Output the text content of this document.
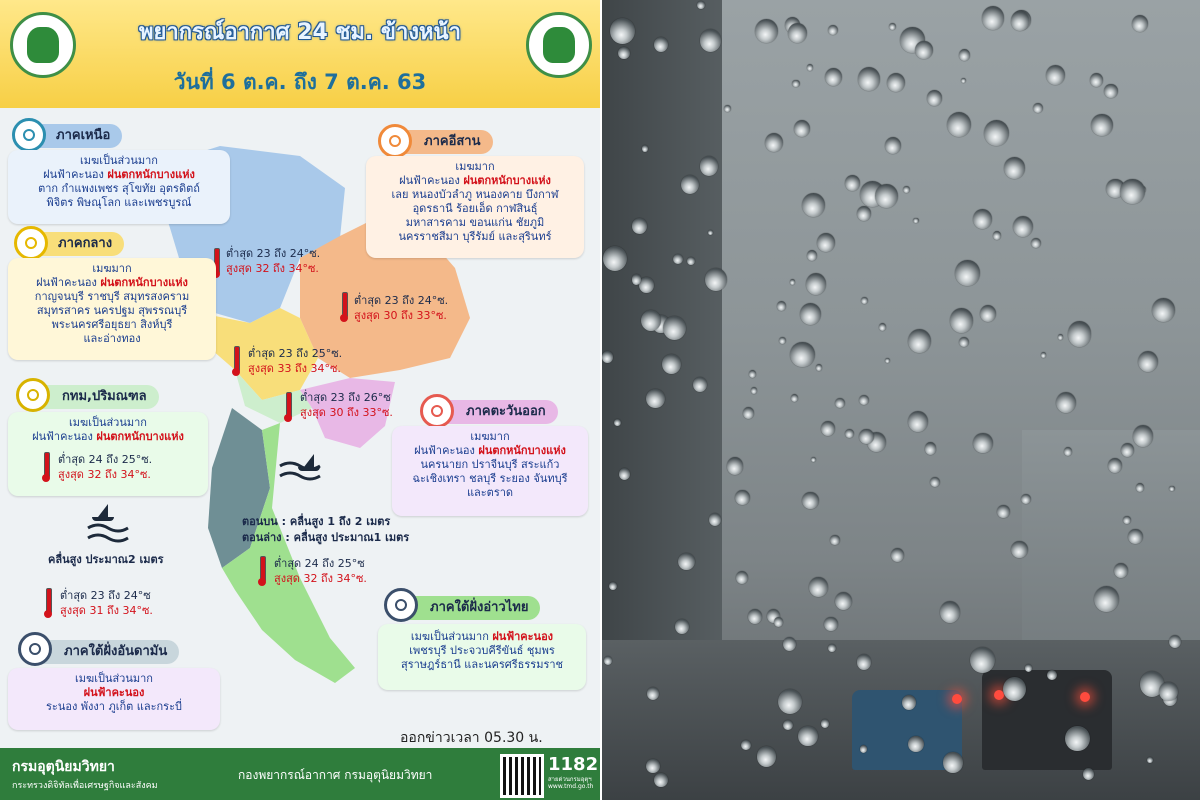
พยากรณ์อากาศ 24 ชม. ข้างหน้า
วันที่ 6 ต.ค. ถึง 7 ต.ค. 63
ภาคเหนือ
เมฆเป็นส่วนมาก
ฝนฟ้าคะนอง ฝนตกหนักบางแห่ง
ตาก กำแพงเพชร สุโขทัย อุตรดิตถ์
พิจิตร พิษณุโลก และเพชรบูรณ์
ต่ำสุด 23 ถึง 24°ซ.
สูงสุด 32 ถึง 34°ซ.
ภาคอีสาน
เมฆมาก
ฝนฟ้าคะนอง ฝนตกหนักบางแห่ง
เลย หนองบัวลำภู หนองคาย บึงกาฬ
อุดรธานี ร้อยเอ็ด กาฬสินธุ์
มหาสารคาม ขอนแก่น ชัยภูมิ
นครราชสีมา บุรีรัมย์ และสุรินทร์
ต่ำสุด 23 ถึง 24°ซ.
สูงสุด 30 ถึง 33°ซ.
ภาคกลาง
เมฆมาก
ฝนฟ้าคะนอง ฝนตกหนักบางแห่ง
กาญจนบุรี ราชบุรี สมุทรสงคราม
สมุทรสาคร นครปฐม สุพรรณบุรี
พระนครศรีอยุธยา สิงห์บุรี
และอ่างทอง
ต่ำสุด 23 ถึง 25°ซ.
สูงสุด 33 ถึง 34°ซ.
กทม,ปริมณฑล
เมฆเป็นส่วนมาก
ฝนฟ้าคะนอง ฝนตกหนักบางแห่ง
ต่ำสุด 24 ถึง 25°ซ.
สูงสุด 32 ถึง 34°ซ.
ต่ำสุด 23 ถึง 26°ซ
สูงสุด 30 ถึง 33°ซ.	ภาคตะวันออก
เมฆมาก
ฝนฟ้าคะนอง ฝนตกหนักบางแห่ง
นครนายก ปราจีนบุรี สระแก้ว
ฉะเชิงเทรา ชลบุรี ระยอง จันทบุรี
และตราด
ตอนบน : คลื่นสูง 1 ถึง 2 เมตร
ตอนล่าง : คลื่นสูง ประมาณ1 เมตร
คลื่นสูง ประมาณ2 เมตร	ต่ำสุด 24 ถึง 25°ซ
สูงสุด 32 ถึง 34°ซ.
ภาคใต้ฝั่งอ่าวไทย
เมฆเป็นส่วนมาก ฝนฟ้าคะนอง
เพชรบุรี ประจวบคีรีขันธ์ ชุมพร
สุราษฎร์ธานี และนครศรีธรรมราช
ต่ำสุด 23 ถึง 24°ซ
สูงสุด 31 ถึง 34°ซ.
ภาคใต้ฝั่งอันดามัน
เมฆเป็นส่วนมาก
ฝนฟ้าคะนอง
ระนอง พังงา ภูเก็ต และกระบี่
ออกข่าวเวลา 05.30 น.
กรมอุตุนิยมวิทยา
กระทรวงดิจิทัลเพื่อเศรษฐกิจและสังคม
กองพยากรณ์อากาศ กรมอุตุนิยมวิทยา	1182
สายด่วนกรมอุตุฯ
www.tmd.go.th
